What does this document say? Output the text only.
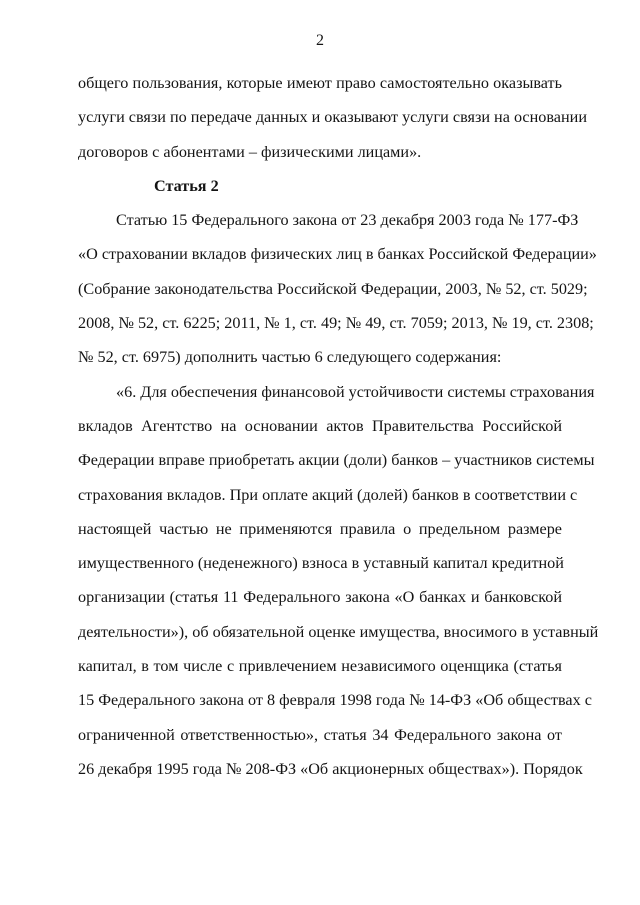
2
общего пользования, которые имеют право самостоятельно оказывать
услуги связи по передаче данных и оказывают услуги связи на основании
договоров с абонентами – физическими лицами».
Статья 2
Статью 15 Федерального закона от 23 декабря 2003 года № 177-ФЗ
«О страховании вкладов физических лиц в банках Российской Федерации»
(Собрание законодательства Российской Федерации, 2003, № 52, ст. 5029;
2008, № 52, ст. 6225; 2011, № 1, ст. 49; № 49, ст. 7059; 2013, № 19, ст. 2308;
№ 52, ст. 6975) дополнить частью 6 следующего содержания:
«6. Для обеспечения финансовой устойчивости системы страхования
вкладов Агентство на основании актов Правительства Российской
Федерации вправе приобретать акции (доли) банков – участников системы
страхования вкладов. При оплате акций (долей) банков в соответствии с
настоящей частью не применяются правила о предельном размере
имущественного (неденежного) взноса в уставный капитал кредитной
организации (статья 11 Федерального закона «О банках и банковской
деятельности»), об обязательной оценке имущества, вносимого в уставный
капитал, в том числе с привлечением независимого оценщика (статья
15 Федерального закона от 8 февраля 1998 года № 14-ФЗ «Об обществах с
ограниченной ответственностью», статья 34 Федерального закона от
26 декабря 1995 года № 208-ФЗ «Об акционерных обществах»). Порядок
